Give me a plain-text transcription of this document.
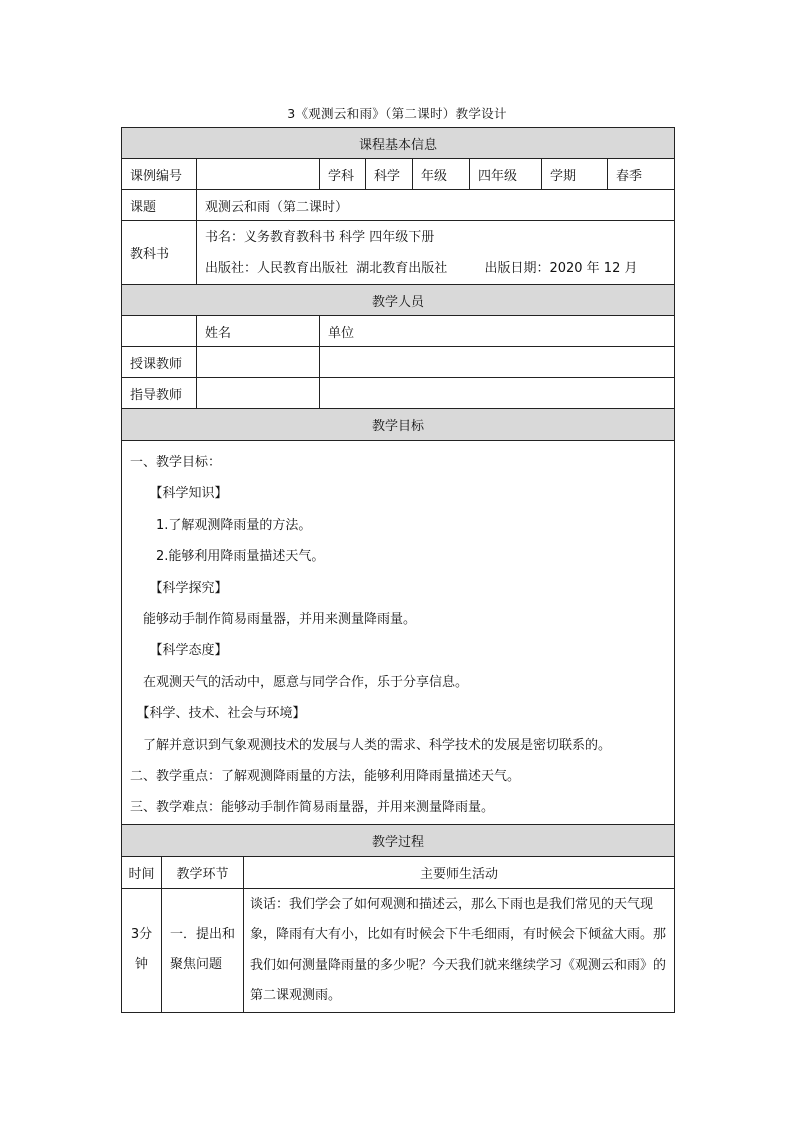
3《观测云和雨》（第二课时）教学设计
课程基本信息							
课例编号		学科	科学	年级	四年级	学期	春季
课题	观测云和雨（第二课时）						
教科书	书名：义务教育教科书 科学 四年级下册
出版社：人民教育出版社  湖北教育出版社         出版日期：2020 年 12 月						
教学人员		
	姓名	单位
授课教师		
指导教师		
教学目标

一、教学目标：
　　【科学知识】
　　1.了解观测降雨量的方法。
　　2.能够利用降雨量描述天气。
　　【科学探究】
　能够动手制作简易雨量器，并用来测量降雨量。
　　【科学态度】
　在观测天气的活动中，愿意与同学合作，乐于分享信息。
　【科学、技术、社会与环境】
　了解并意识到气象观测技术的发展与人类的需求、科学技术的发展是密切联系的。
二、教学重点：了解观测降雨量的方法，能够利用降雨量描述天气。
三、教学难点：能够动手制作简易雨量器，并用来测量降雨量。
教学过程		
时间	教学环节	主要师生活动
3分钟	一．提出和聚焦问题	谈话：我们学会了如何观测和描述云，那么下雨也是我们常见的天气现象，降雨有大有小，比如有时候会下牛毛细雨，有时候会下倾盆大雨。那我们如何测量降雨量的多少呢？今天我们就来继续学习《观测云和雨》的第二课观测雨。
